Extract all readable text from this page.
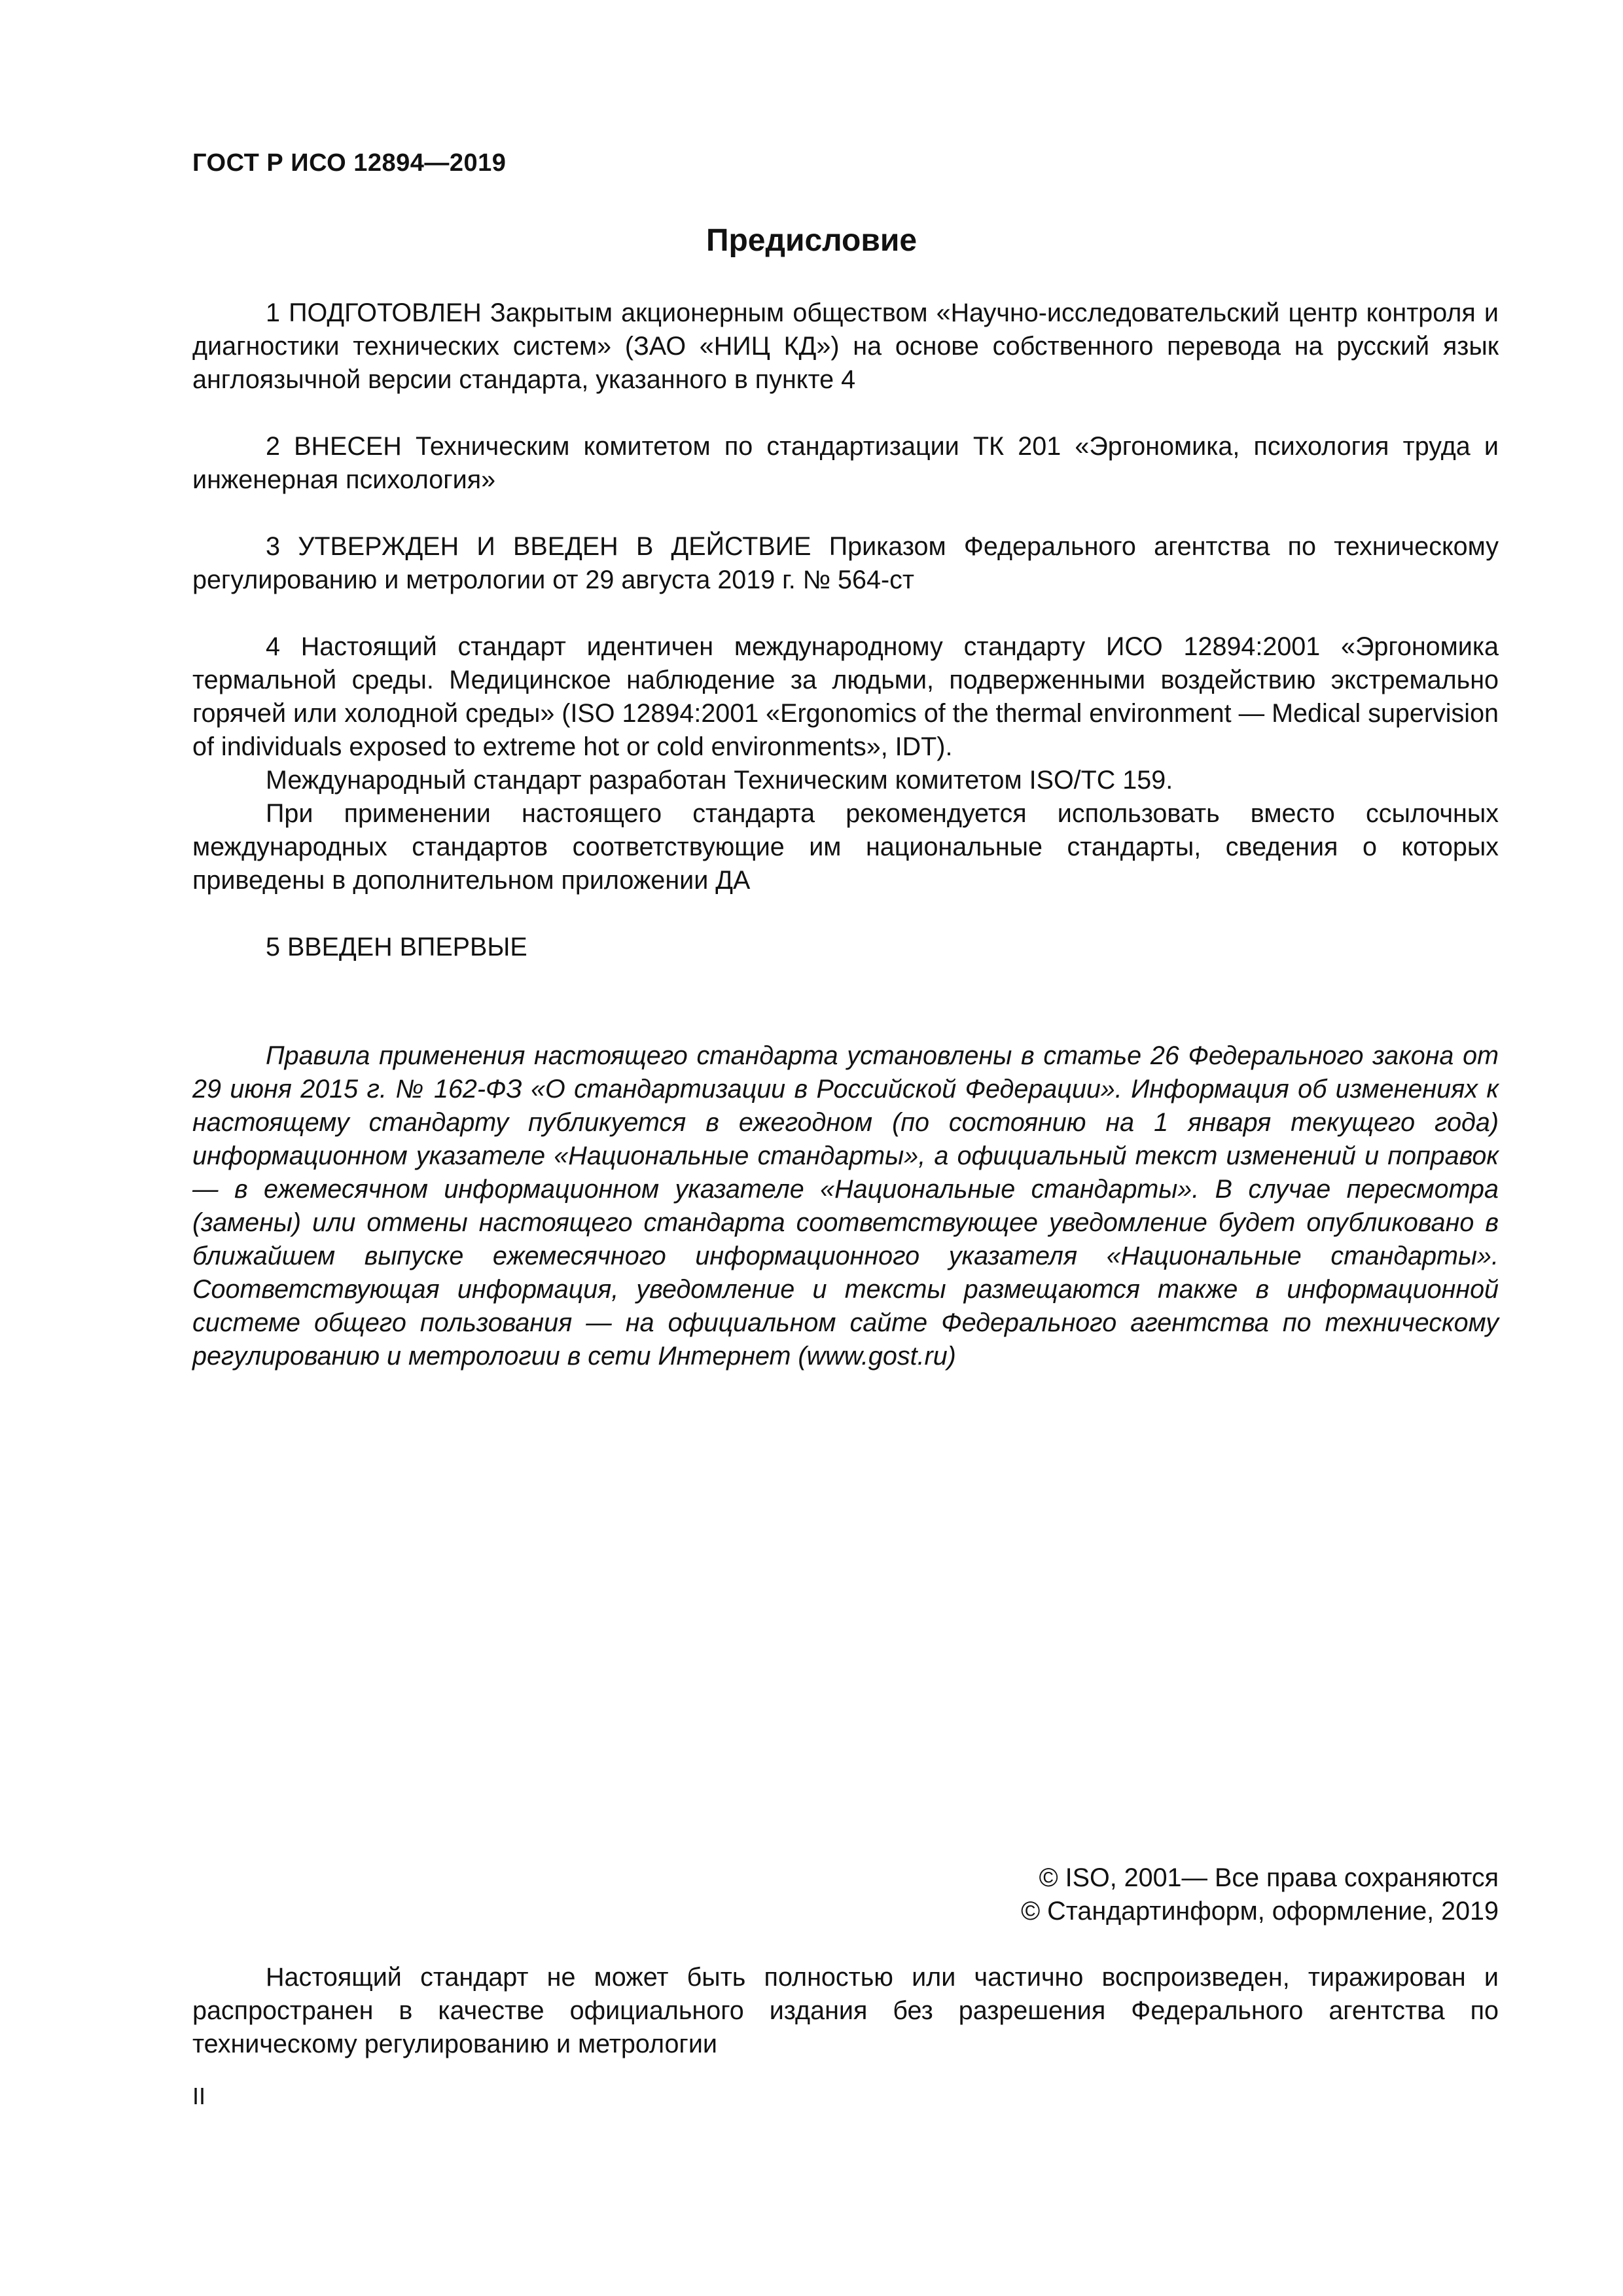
ГОСТ Р ИСО 12894—2019
Предисловие

1 ПОДГОТОВЛЕН Закрытым акционерным обществом «Научно-исследовательский центр контроля и диагностики технических систем» (ЗАО «НИЦ КД») на основе собственного перевода на русский язык англоязычной версии стандарта, указанного в пункте 4

2 ВНЕСЕН Техническим комитетом по стандартизации ТК 201 «Эргономика, психология труда и инженерная психология»

3 УТВЕРЖДЕН И ВВЕДЕН В ДЕЙСТВИЕ Приказом Федерального агентства по техническому регулированию и метрологии от 29 августа 2019 г. № 564-ст

4 Настоящий стандарт идентичен международному стандарту ИСО 12894:2001 «Эргономика термальной среды. Медицинское наблюдение за людьми, подверженными воздействию экстремально горячей или холодной среды» (ISO 12894:2001 «Ergonomics of the thermal environment — Medical supervision of individuals exposed to extreme hot or cold environments», IDT).

Международный стандарт разработан Техническим комитетом ISO/TC 159.

При применении настоящего стандарта рекомендуется использовать вместо ссылочных международных стандартов соответствующие им национальные стандарты, сведения о которых приведены в дополнительном приложении ДА

5 ВВЕДЕН ВПЕРВЫЕ

Правила применения настоящего стандарта установлены в статье 26 Федерального закона от 29 июня 2015 г. № 162-ФЗ «О стандартизации в Российской Федерации». Информация об изменениях к настоящему стандарту публикуется в ежегодном (по состоянию на 1 января текущего года) информационном указателе «Национальные стандарты», а официальный текст изменений и поправок — в ежемесячном информационном указателе «Национальные стандарты». В случае пересмотра (замены) или отмены настоящего стандарта соответствующее уведомление будет опубликовано в ближайшем выпуске ежемесячного информационного указателя «Национальные стандарты». Соответствующая информация, уведомление и тексты размещаются также в информационной системе общего пользования — на официальном сайте Федерального агентства по техническому регулированию и метрологии в сети Интернет (www.gost.ru)

© ISO, 2001— Все права сохраняются
© Стандартинформ, оформление, 2019

Настоящий стандарт не может быть полностью или частично воспроизведен, тиражирован и распространен в качестве официального издания без разрешения Федерального агентства по техническому регулированию и метрологии

II
